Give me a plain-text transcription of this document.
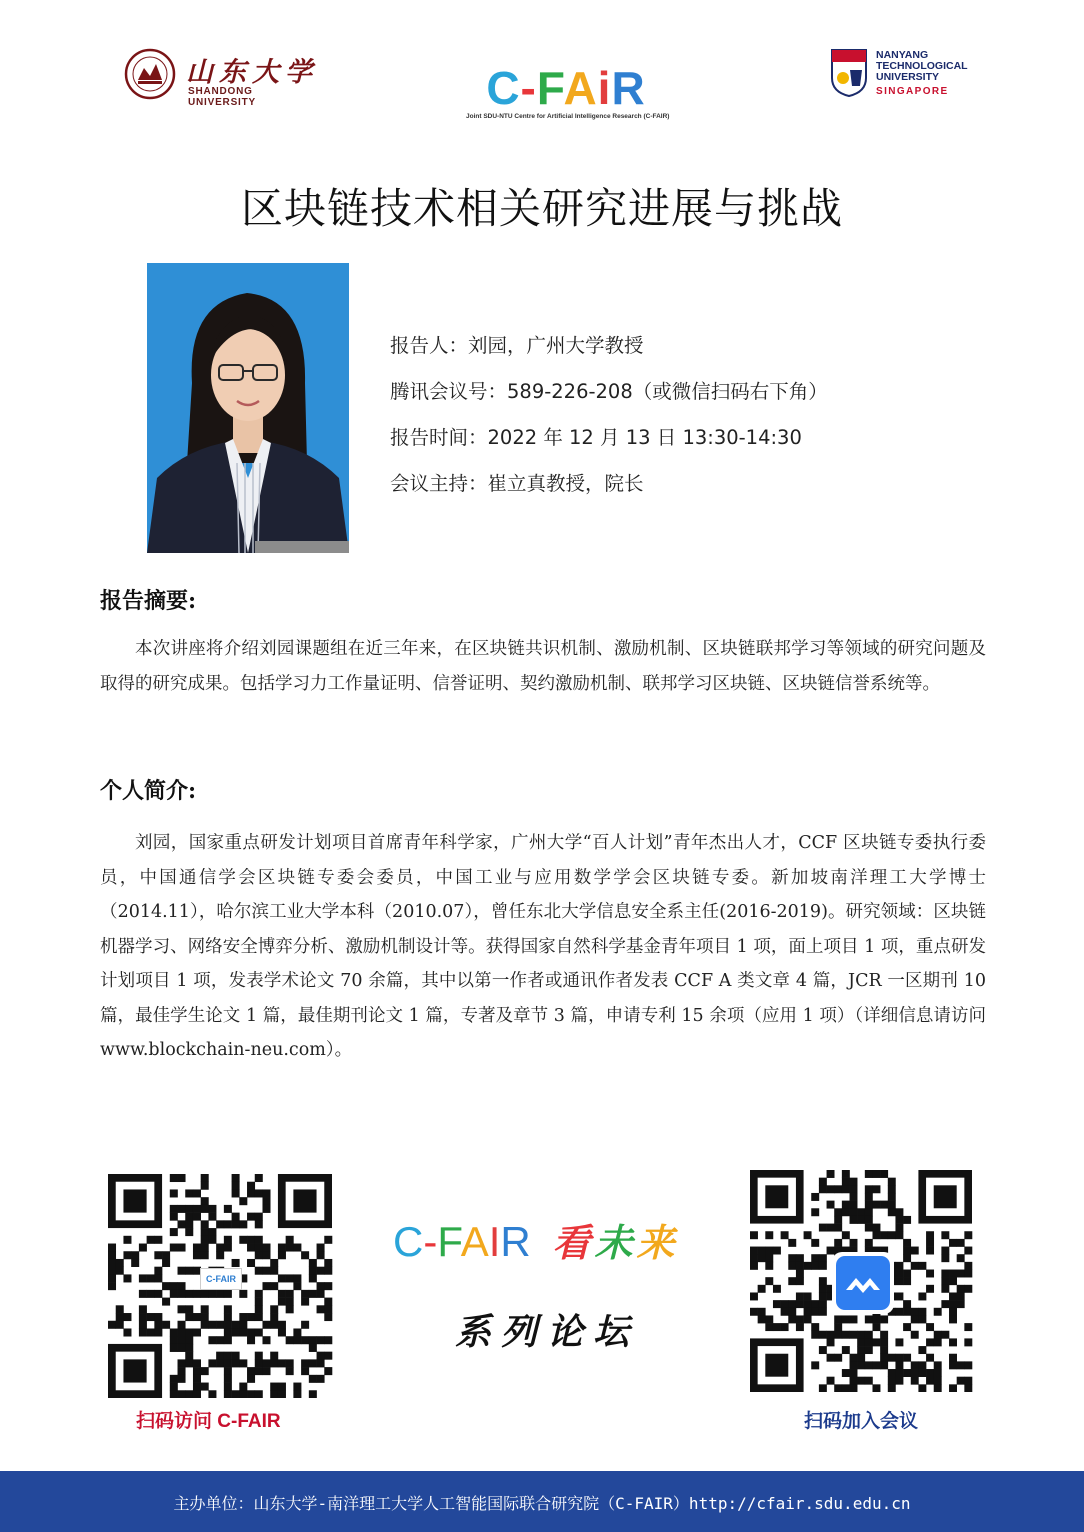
山东大学
SHANDONG UNIVERSITY	C-FAiR
Joint SDU-NTU Centre for Artificial Intelligence Research (C-FAIR)
NANYANG
TECHNOLOGICAL
UNIVERSITY
SINGAPORE
区块链技术相关研究进展与挑战
报告人：刘园，广州大学教授
腾讯会议号：589-226-208（或微信扫码右下角）
报告时间：2022 年 12 月 13 日 13:30-14:30
会议主持：崔立真教授，院长
报告摘要:
本次讲座将介绍刘园课题组在近三年来，在区块链共识机制、激励机制、区块链联邦学习等领域的研究问题及取得的研究成果。包括学习力工作量证明、信誉证明、契约激励机制、联邦学习区块链、区块链信誉系统等。
个人简介:
刘园，国家重点研发计划项目首席青年科学家，广州大学“百人计划”青年杰出人才，CCF 区块链专委执行委员，中国通信学会区块链专委会委员，中国工业与应用数学学会区块链专委。新加坡南洋理工大学博士（2014.11），哈尔滨工业大学本科（2010.07），曾任东北大学信息安全系主任(2016-2019)。研究领域：区块链机器学习、网络安全博弈分析、激励机制设计等。获得国家自然科学基金青年项目 1 项，面上项目 1 项，重点研发计划项目 1 项，发表学术论文 70 余篇，其中以第一作者或通讯作者发表 CCF A 类文章 4 篇，JCR 一区期刊 10 篇，最佳学生论文 1 篇，最佳期刊论文 1 篇，专著及章节 3 篇，申请专利 15 余项（应用 1 项）（详细信息请访问 www.blockchain-neu.com）。
C-FAIR
扫码访问 C-FAIR
C-FAIR 看未来
系列论坛
扫码加入会议
主办单位：山东大学-南洋理工大学人工智能国际联合研究院（C-FAIR）http://cfair.sdu.edu.cn
